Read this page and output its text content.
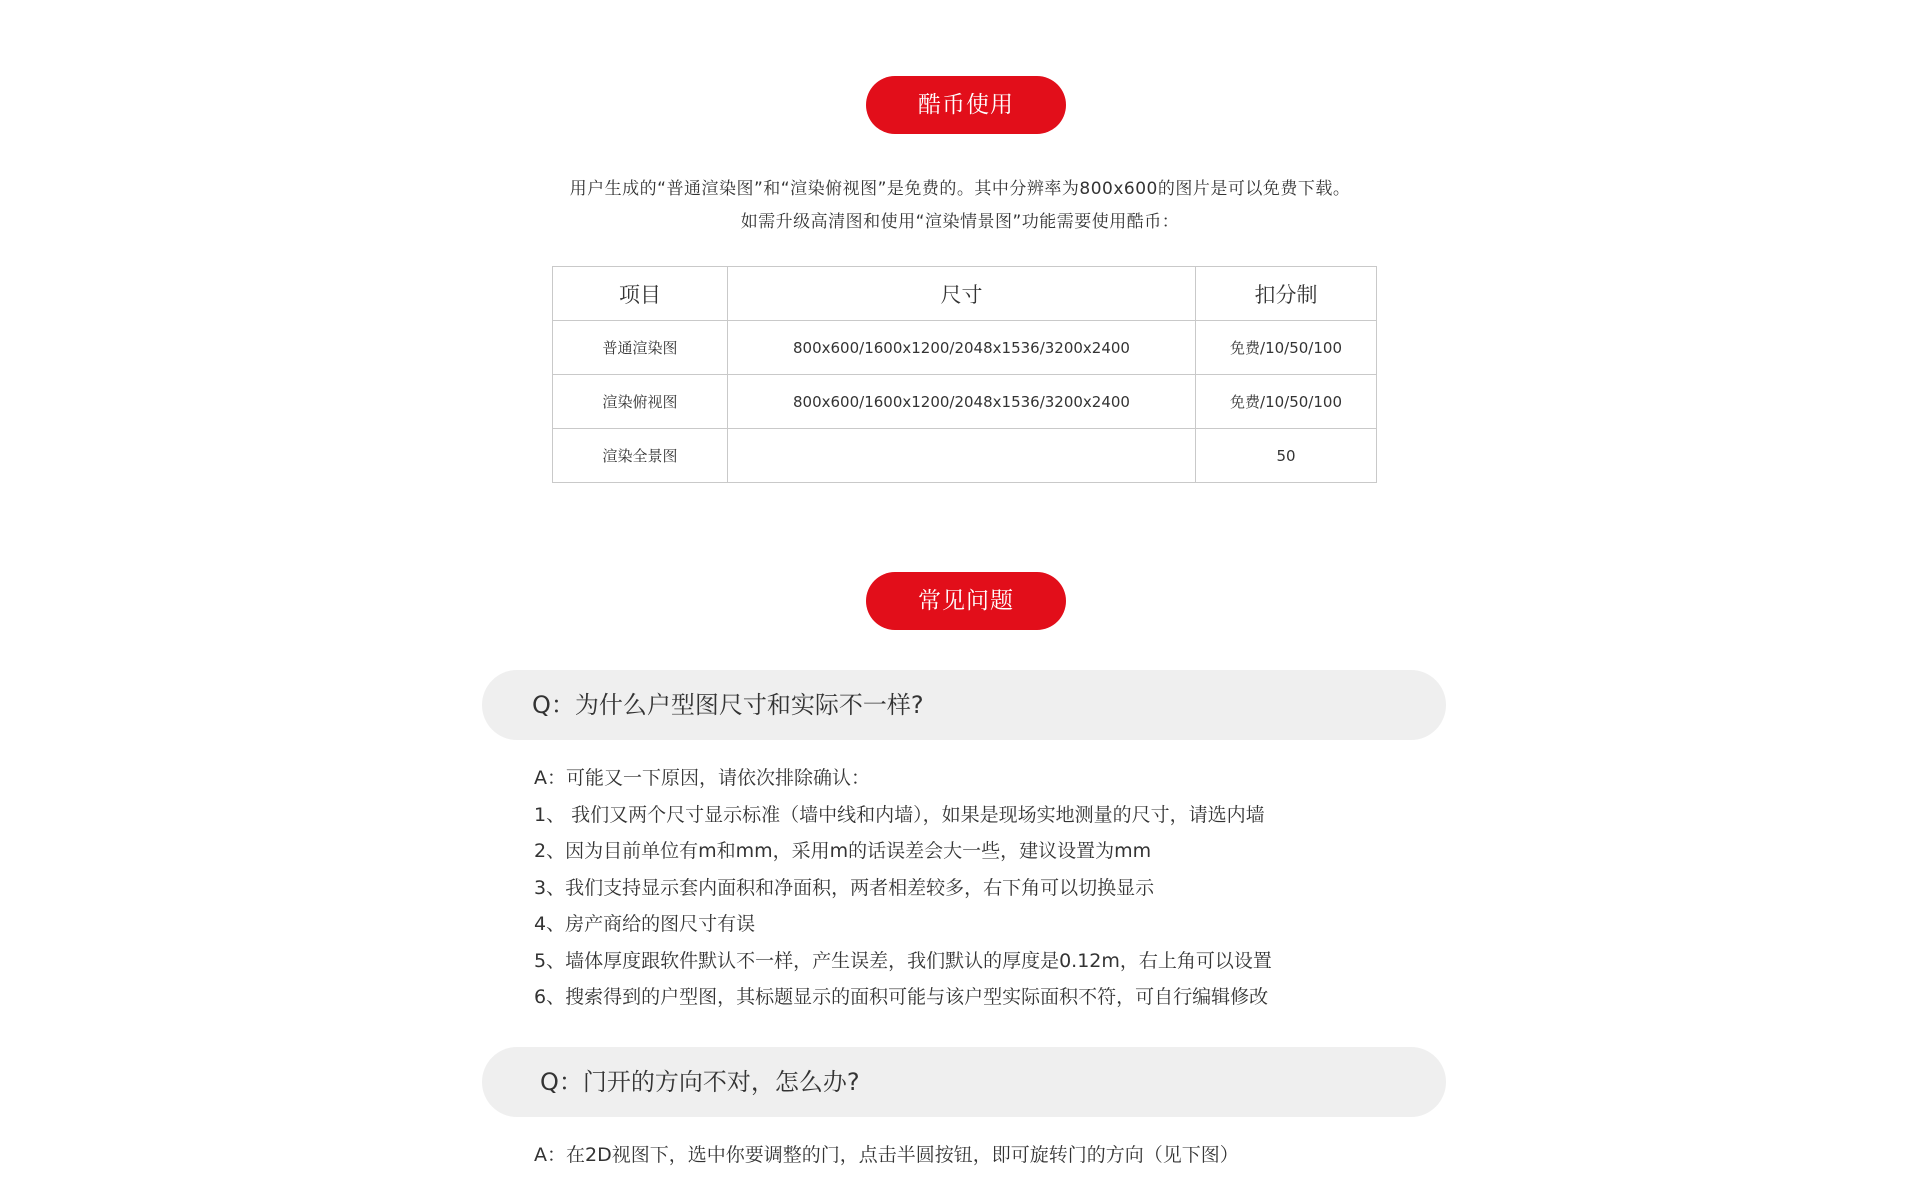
酷币使用
用户生成的“普通渲染图”和“渲染俯视图”是免费的。其中分辨率为800x600的图片是可以免费下载。
如需升级高清图和使用“渲染情景图”功能需要使用酷币：
项目	尺寸	扣分制
普通渲染图	800x600/1600x1200/2048x1536/3200x2400	免费/10/50/100
渲染俯视图	800x600/1600x1200/2048x1536/3200x2400	免费/10/50/100
渲染全景图		50
常见问题
Q：为什么户型图尺寸和实际不一样?
A：可能又一下原因，请依次排除确认：
1、 我们又两个尺寸显示标准（墙中线和内墙），如果是现场实地测量的尺寸，请选内墙
2、因为目前单位有m和mm，采用m的话误差会大一些，建议设置为mm
3、我们支持显示套内面积和净面积，两者相差较多，右下角可以切换显示
4、房产商给的图尺寸有误
5、墙体厚度跟软件默认不一样，产生误差，我们默认的厚度是0.12m，右上角可以设置
6、搜索得到的户型图，其标题显示的面积可能与该户型实际面积不符，可自行编辑修改
Q：门开的方向不对，怎么办?
A：在2D视图下，选中你要调整的门，点击半圆按钮，即可旋转门的方向（见下图）
